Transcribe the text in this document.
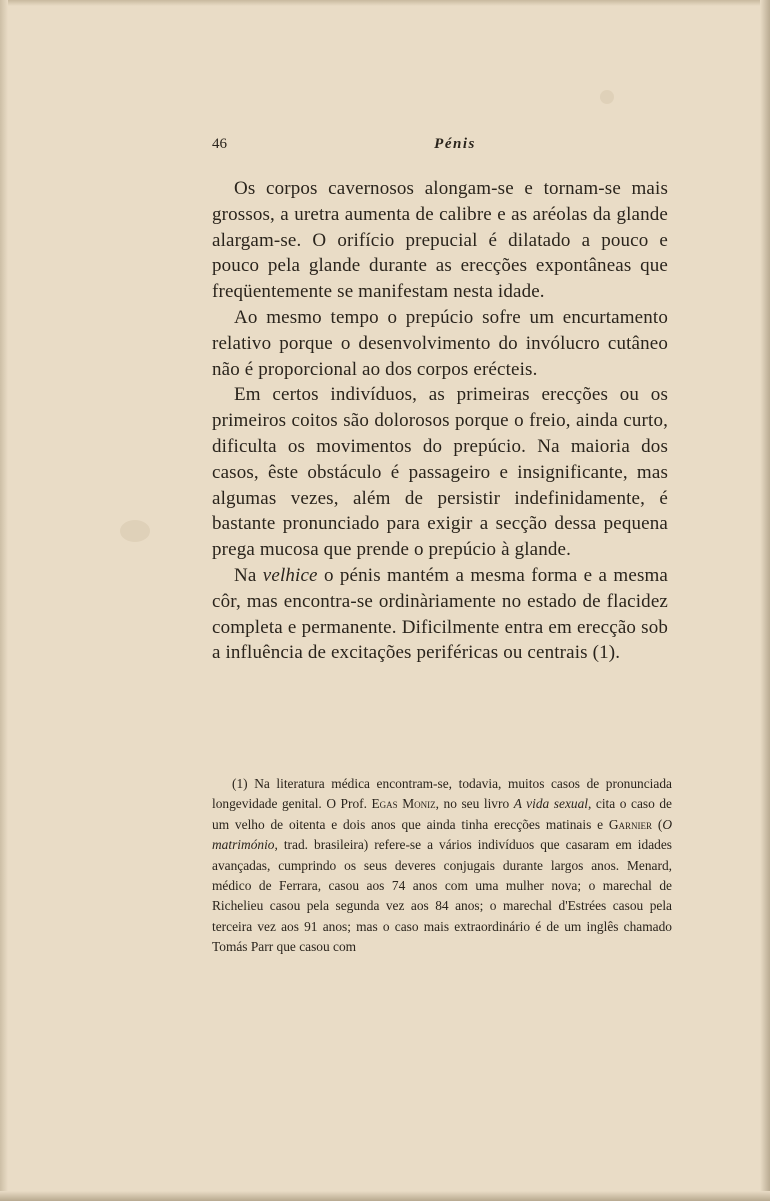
46	Pénis

Os corpos cavernosos alongam-se e tornam-se mais grossos, a uretra aumenta de calibre e as aréolas da glande alargam-se. O orifício prepucial é dilatado a pouco e pouco pela glande durante as erecções expontâneas que freqüentemente se manifestam nesta idade.

Ao mesmo tempo o prepúcio sofre um encurtamento relativo porque o desenvolvimento do invólucro cutâneo não é proporcional ao dos corpos erécteis.

Em certos indivíduos, as primeiras erecções ou os primeiros coitos são dolorosos porque o freio, ainda curto, dificulta os movimentos do prepúcio. Na maioria dos casos, êste obstáculo é passageiro e insignificante, mas algumas vezes, além de persistir indefinidamente, é bastante pronunciado para exigir a secção dessa pequena prega mucosa que prende o prepúcio à glande.

Na velhice o pénis mantém a mesma forma e a mesma côr, mas encontra-se ordinàriamente no estado de flacidez completa e permanente. Dificilmente entra em erecção sob a influência de excitações periféricas ou centrais (1).

(1) Na literatura médica encontram-se, todavia, muitos casos de pronunciada longevidade genital. O Prof. Egas Moniz, no seu livro A vida sexual, cita o caso de um velho de oitenta e dois anos que ainda tinha erecções matinais e Garnier (O matrimónio, trad. brasileira) refere-se a vários indivíduos que casaram em idades avançadas, cumprindo os seus deveres conjugais durante largos anos. Menard, médico de Ferrara, casou aos 74 anos com uma mulher nova; o marechal de Richelieu casou pela segunda vez aos 84 anos; o marechal d'Estrées casou pela terceira vez aos 91 anos; mas o caso mais extraordinário é de um inglês chamado Tomás Parr que casou com
